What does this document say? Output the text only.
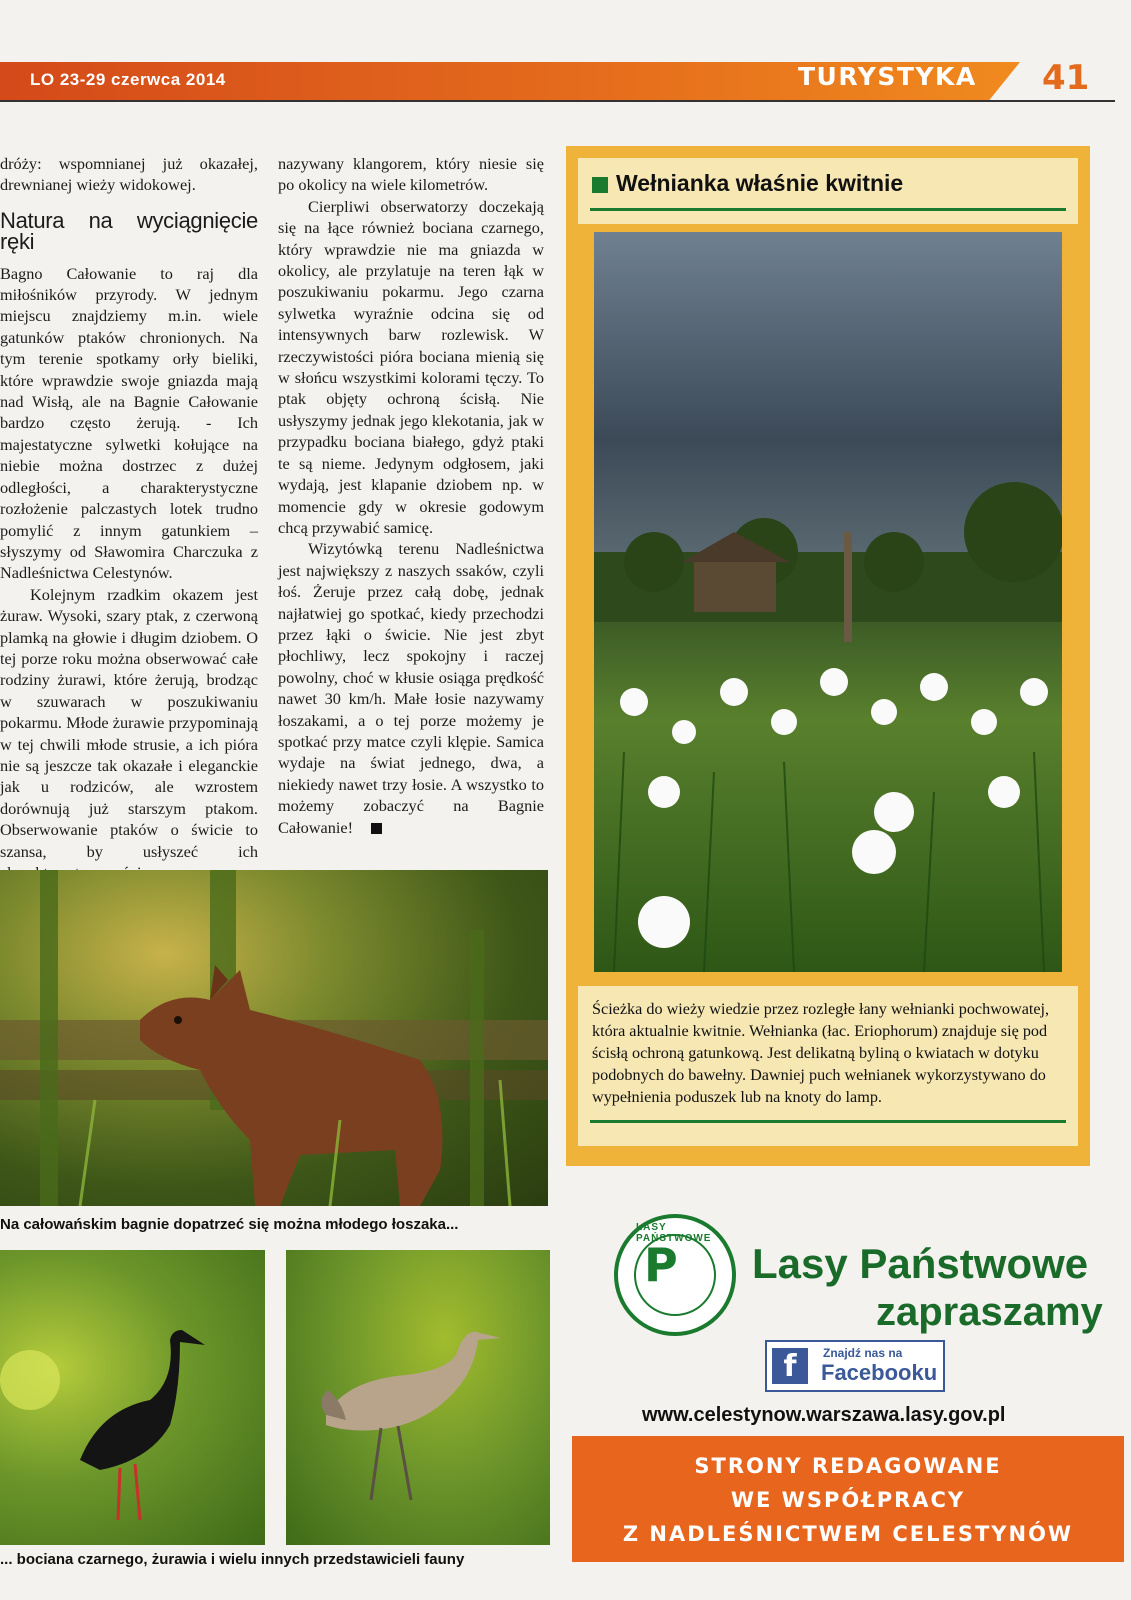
LO 23-29 czerwca 2014	TURYSTYKA 41

dróży: wspomnianej już okazałej, drewnianej wieży widokowej.

Natura na wyciągnięcie ręki

Bagno Całowanie to raj dla miłośników przyrody. W jednym miejscu znajdziemy m.in. wiele gatunków ptaków chronionych. Na tym terenie spotkamy orły bieliki, które wprawdzie swoje gniazda mają nad Wisłą, ale na Bagnie Całowanie bardzo często żerują. - Ich majestatyczne sylwetki kołujące na niebie można dostrzec z dużej odległości, a charakterystyczne rozłożenie palczastych lotek trudno pomylić z innym gatunkiem – słyszymy od Sławomira Charczuka z Nadleśnictwa Celestynów.

Kolejnym rzadkim okazem jest żuraw. Wysoki, szary ptak, z czerwoną plamką na głowie i długim dziobem. O tej porze roku można obserwować całe rodziny żurawi, które żerują, brodząc w szuwarach w poszukiwaniu pokarmu. Młode żurawie przypominają w tej chwili młode strusie, a ich pióra nie są jeszcze tak okazałe i eleganckie jak u rodziców, ale wzrostem dorównują już starszym ptakom. Obserwowanie ptaków o świcie to szansa, by usłyszeć ich

nazywany klangorem, który niesie się po okolicy na wiele kilometrów.

Cierpliwi obserwatorzy doczekają się na łące również bociana czarnego, który wprawdzie nie ma gniazda w okolicy, ale przylatuje na teren łąk w poszukiwaniu pokarmu. Jego czarna sylwetka wyraźnie odcina się od intensywnych barw rozlewisk. W rzeczywistości pióra bociana mienią się w słońcu wszystkimi kolorami tęczy. To ptak objęty ochroną ścisłą. Nie usłyszymy jednak jego klekotania, jak w przypadku bociana białego, gdyż ptaki te są nieme. Jedynym odgłosem, jaki wydają, jest klapanie dziobem np. w momencie gdy w okresie godowym chcą przywabić samicę.

Wizytówką terenu Nadleśnictwa jest największy z naszych ssaków, czyli łoś. Żeruje przez całą dobę, jednak najłatwiej go spotkać, kiedy przechodzi przez łąki o świcie. Nie jest zbyt płochliwy, lecz spokojny i raczej powolny, choć w kłusie osiąga prędkość nawet 30 km/h. Małe łosie nazywamy łoszakami, a o tej porze możemy je spotkać przy matce czyli klępie. Samica wydaje na świat jednego, dwa, a niekiedy nawet trzy łosie. A wszystko to możemy zobaczyć na Bagnie Całowanie!

Na całowańskim bagnie dopatrzeć się można młodego łoszaka...
... bociana czarnego, żurawia i wielu innych przedstawicieli fauny
Wełnianka właśnie kwitnie
Ścieżka do wieży wiedzie przez rozległe łany wełnianki pochwowatej, która aktualnie kwitnie. Wełnianka (łac. Eriophorum) znajduje się pod ścisłą ochroną gatunkową. Jest delikatną byliną o kwiatach w dotyku podobnych do bawełny. Dawniej puch wełnianek wykorzystywano do wypełnienia poduszek lub na knoty do lamp.
LASY PAŃSTWOWE
P Lasy Państwowe
zapraszamy
f	Znajdź nas na
Facebooku
www.celestynow.warszawa.lasy.gov.pl
STRONY REDAGOWANE
WE WSPÓŁPRACY
Z NADLEŚNICTWEM CELESTYNÓW
